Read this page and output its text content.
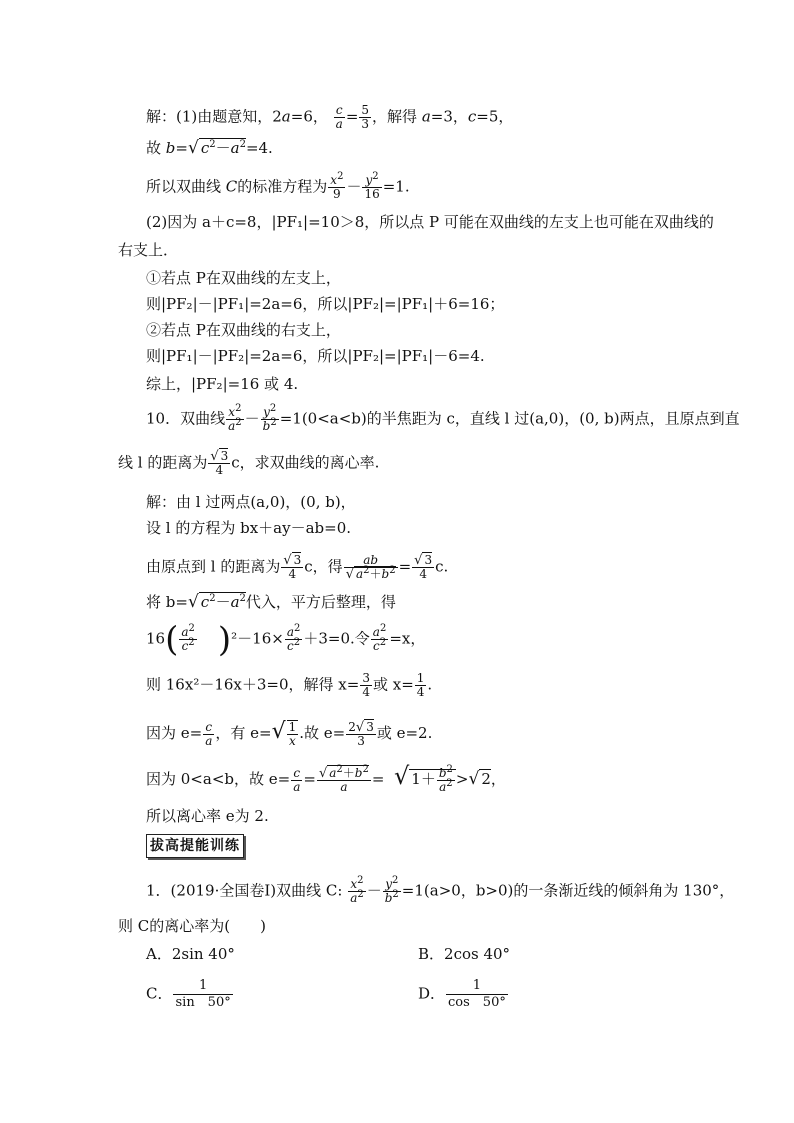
解：(1)由题意知，2a=6， $\frac{c}{a} = \frac{5}{3}$ ，解得 a=3，c=5，
故 b=√ $c^2-a^2=4$.
所以双曲线 C的标准方程为 $\frac{x^2}{9} - \frac{y^2}{16} =1$.
(2)因为 a＋c=8，|PF₁|=10＞8，所以点 P 可能在双曲线的左支上也可能在双曲线的
右支上．
①若点 P在双曲线的左支上，
则|PF₂|－|PF₁|=2a=6，所以|PF₂|=|PF₁|＋6=16；
②若点 P在双曲线的右支上，
则|PF₁|－|PF₂|=2a=6，所以|PF₂|=|PF₁|－6=4.
综上，|PF₂|=16 或 4.
10．双曲线 $\frac{x^2}{a^2} - \frac{y^2}{b^2} =1(0<a<b)$的半焦距为 c，直线 l 过(a,0)，(0, b)两点，且原点到直
线 l 的距离为 $\frac{√ 3}{4}$ c，求双曲线的离心率.
解：由 l 过两点(a,0)，(0, b)，
设 l 的方程为 bx＋ay－ab=0.
由原点到 l 的距离为 $\frac{√ 3}{4}$ c，得 $\frac{ab}{√ a^2+b^2} = \frac{√ 3}{4} c$.
将 b=√ $c^2-a^2$代入，平方后整理，得
$16( \frac{a^2}{c^2} )^2-16\times \frac{a^2}{c^2} +3=0$.令 $\frac{a^2}{c^2} =x$，
则 16x²－16x＋3=0，解得 $x= \frac{3}{4}$ 或 $x= \frac{1}{4}$ .
因为 $e= \frac{c}{a}$ ，有 $e=√ \frac{1}{x}$ .故 $e= \frac{2√ 3}{3}$ 或 e=2.
因为 0<a<b，故 $e= \frac{c}{a} = \frac{√ a^2+b^2}{a}$ = √ $1+ \frac{b^2}{a^2}$ >√ 2，
所以离心率 e为 2.
拔高提能训练
1．(2019·全国卷Ⅰ)双曲线 C: $\frac{x^2}{a^2} - \frac{y^2}{b^2} =1(a>0$，b>0)的一条渐近线的倾斜角为 130°，
则 C的离心率为(　　)
A．2sin 40°	B．2cos 40°
C． $\frac{1}{\sin 50^\circ}$	D． $\frac{1}{\cos 50^\circ}$
